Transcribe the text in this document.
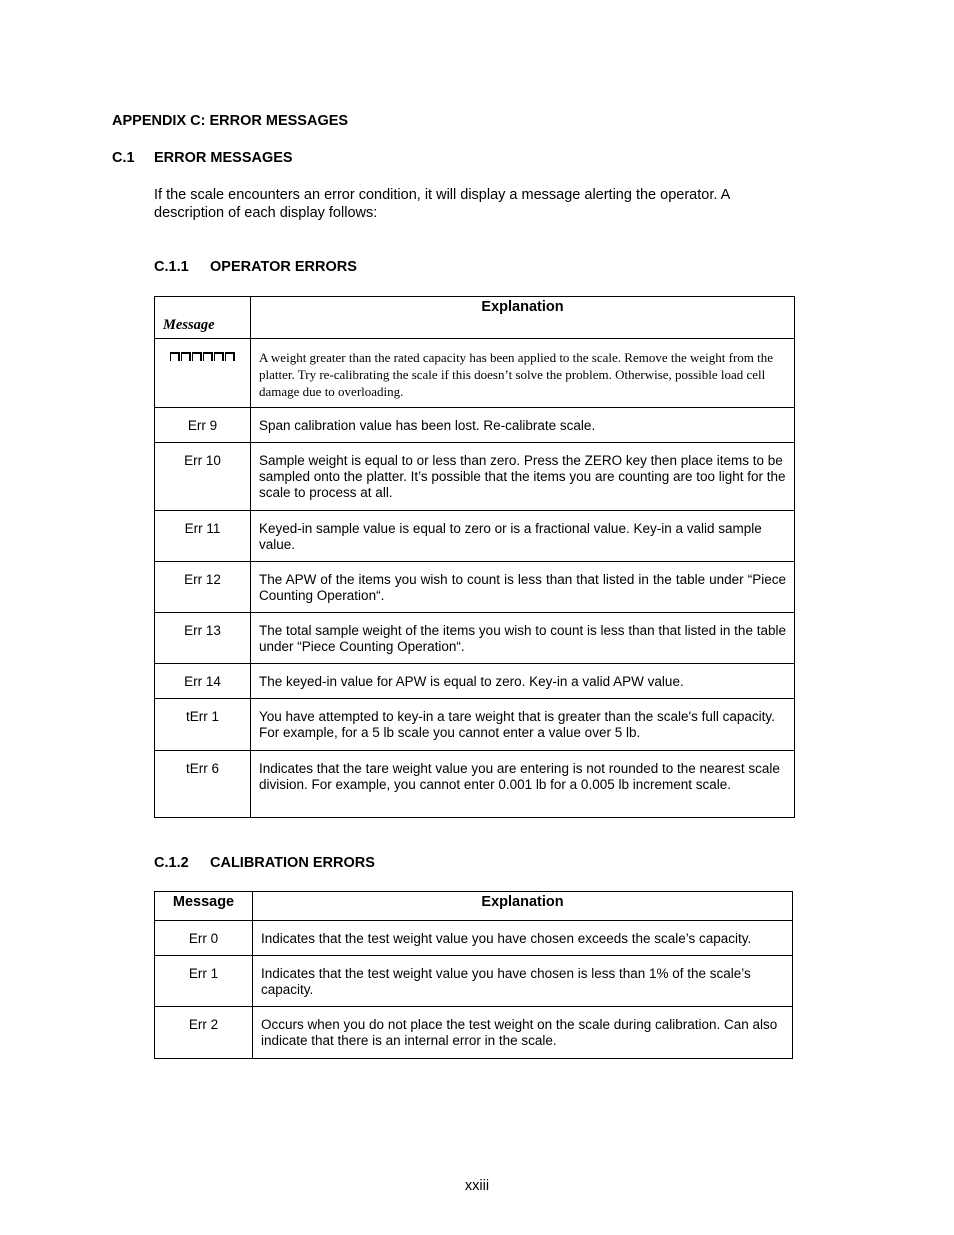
APPENDIX C: ERROR MESSAGES
C.1 ERROR MESSAGES
If the scale encounters an error condition, it will display a message alerting the operator. A description of each display follows:
C.1.1 OPERATOR ERRORS
Message	Explanation

	A weight greater than the rated capacity has been applied to the scale. Remove the weight from the platter. Try re-calibrating the scale if this doesn’t solve the problem. Otherwise, possible load cell damage due to overloading.
Err 9	Span calibration value has been lost. Re-calibrate scale.
Err 10	Sample weight is equal to or less than zero. Press the ZERO key then place items to be sampled onto the platter. It’s possible that the items you are counting are too light for the scale to process at all.
Err 11	Keyed-in sample value is equal to zero or is a fractional value. Key-in a valid sample value.
Err 12	The APW of the items you wish to count is less than that listed in the table under “Piece Counting Operation“.
Err 13	The total sample weight of the items you wish to count is less than that listed in the table under “Piece Counting Operation“.
Err 14	The keyed-in value for APW is equal to zero. Key-in a valid APW value.
tErr 1	You have attempted to key-in a tare weight that is greater than the scale's full capacity. For example, for a 5 lb scale you cannot enter a value over 5 lb.
tErr 6	Indicates that the tare weight value you are entering is not rounded to the nearest scale division. For example, you cannot enter 0.001 lb for a 0.005 lb increment scale.
C.1.2 CALIBRATION ERRORS
Message	Explanation
Err 0	Indicates that the test weight value you have chosen exceeds the scale’s capacity.
Err 1	Indicates that the test weight value you have chosen is less than 1% of the scale’s capacity.
Err 2	Occurs when you do not place the test weight on the scale during calibration. Can also indicate that there is an internal error in the scale.
xxiii
